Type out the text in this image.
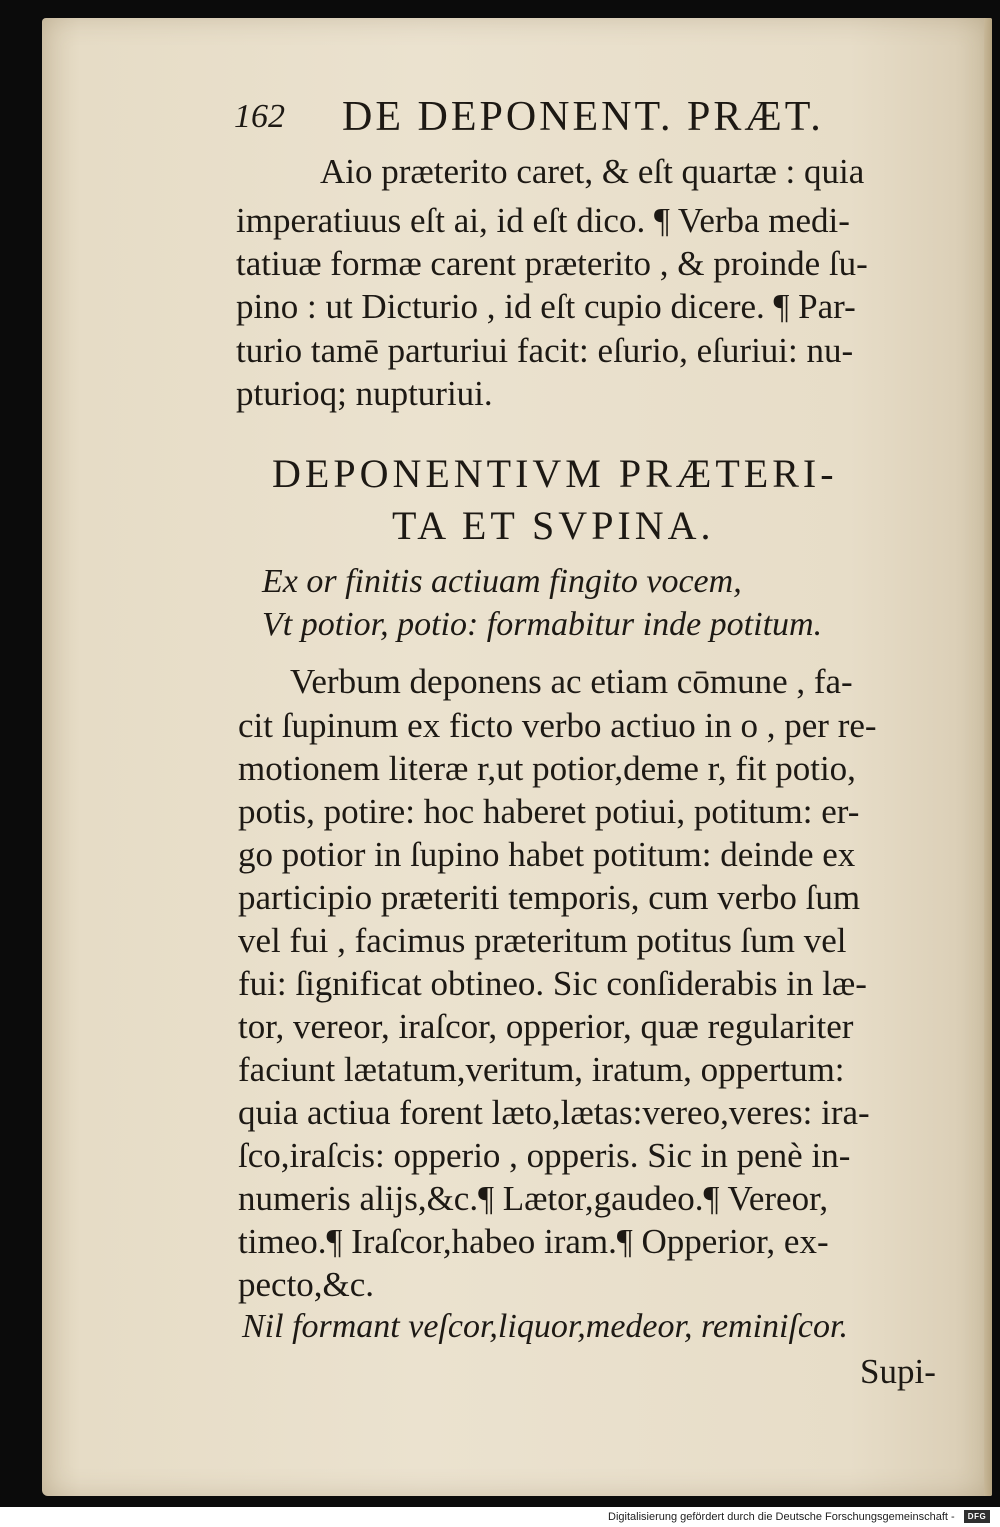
162 DE DEPONENT. PRÆT.
Aio præterito caret, & eſt quartæ : quia
imperatiuus eſt ai, id eſt dico. ¶ Verba medi-
tatiuæ formæ carent præterito , & proinde ſu-
pino : ut Dicturio , id eſt cupio dicere. ¶ Par-
turio tamē parturiui facit: eſurio, eſuriui: nu-
pturioq; nupturiui.
DEPONENTIVM PRÆTERI-
TA ET SVPINA.
Ex or finitis actiuam fingito vocem,
Vt potior, potio: formabitur inde potitum.
Verbum deponens ac etiam cōmune , fa-
cit ſupinum ex ficto verbo actiuo in o , per re-
motionem literæ r,ut potior,deme r, fit potio,
potis, potire: hoc haberet potiui, potitum: er-
go potior in ſupino habet potitum: deinde ex
participio præteriti temporis, cum verbo ſum
vel fui , facimus præteritum potitus ſum vel
fui: ſignificat obtineo. Sic conſiderabis in læ-
tor, vereor, iraſcor, opperior, quæ regulariter
faciunt lætatum,veritum, iratum, oppertum:
quia actiua forent læto,lætas:vereo,veres: ira-
ſco,iraſcis: opperio , opperis. Sic in penè in-
numeris alijs,&c.¶ Lætor,gaudeo.¶ Vereor,
timeo.¶ Iraſcor,habeo iram.¶ Opperior, ex-
pecto,&c.
Nil formant veſcor,liquor,medeor, reminiſcor.
Supi-
Digitalisierung gefördert durch die Deutsche Forschungsgemeinschaft -	DFG
